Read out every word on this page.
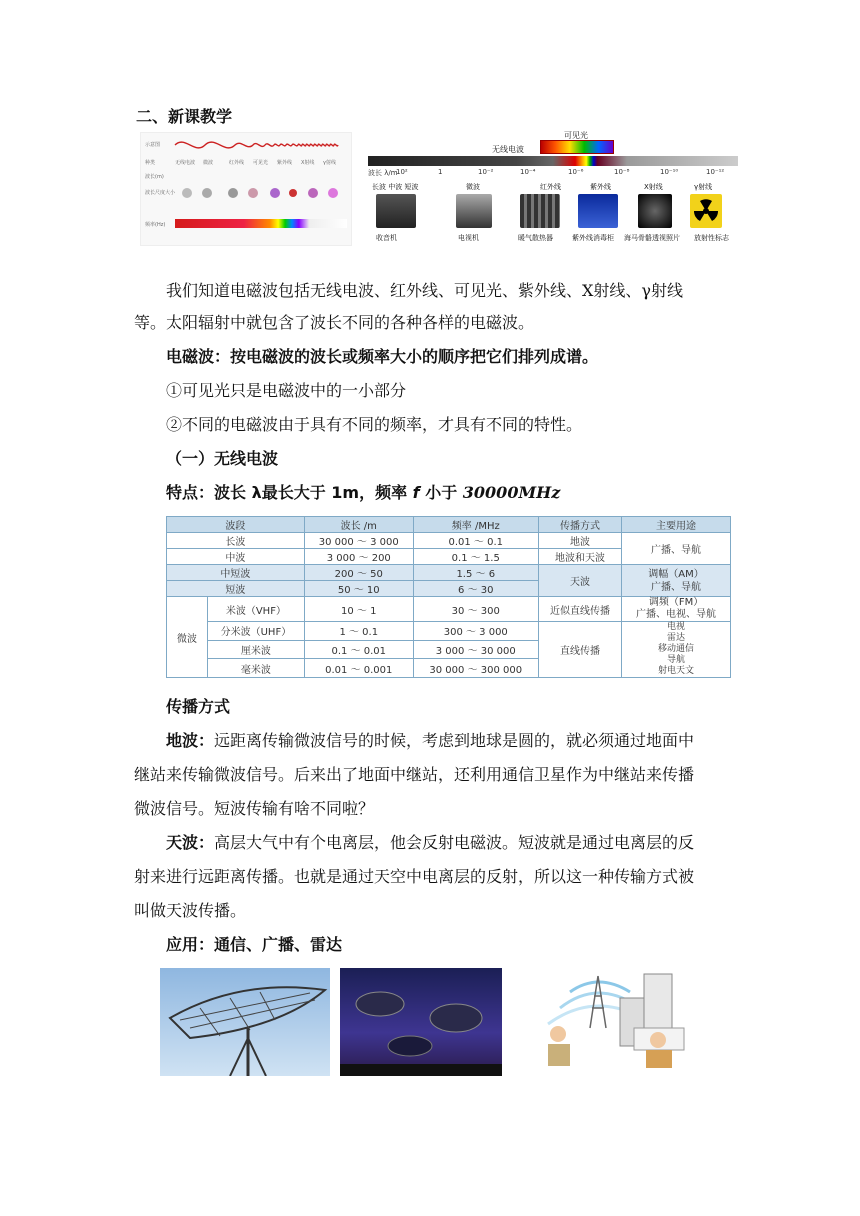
二、新课教学
示意图
种类
波长(m)
波长尺度大小
频率(Hz)
无线电波 微波	红外线 可见光 紫外线 X射线 γ射线
可见光
无线电波
波长 λ/m
10²	1	10⁻²	10⁻⁴	10⁻⁶	10⁻⁸	10⁻¹⁰	10⁻¹²
长波 中波 短波	微波	红外线	紫外线	X射线	γ射线
收音机	电视机	暖气散热器	紫外线消毒柜 海马骨骼透视照片 放射性标志
我们知道电磁波包括无线电波、红外线、可见光、紫外线、X射线、γ射线
等。太阳辐射中就包含了波长不同的各种各样的电磁波。
电磁波：按电磁波的波长或频率大小的顺序把它们排列成谱。
①可见光只是电磁波中的一小部分
②不同的电磁波由于具有不同的频率，才具有不同的特性。
（一）无线电波
特点：波长 λ最长大于 1m，频率 f 小于 30000MHz
波段		波长 /m	频率 /MHz	传播方式	主要用途
长波		30 000 ～ 3 000	0.01 ～ 0.1	地波	广播、导航
中波		3 000 ～ 200	0.1 ～ 1.5	地波和天波	
中短波		200 ～ 50	1.5 ～ 6	天波	调幅（AM）
广播、导航

短波		50 ～ 10	6 ～ 30		
微波	米波（VHF）	10 ～ 1	30 ～ 300	近似直线传播	调频（FM）
广播、电视、导航

	分米波（UHF）	1 ～ 0.1	300 ～ 3 000	直线传播	电视
雷达
移动通信
导航
射电天文

	厘米波	0.1 ～ 0.01	3 000 ～ 30 000		
	毫米波	0.01 ～ 0.001	30 000 ～ 300 000		
传播方式
地波：远距离传输微波信号的时候，考虑到地球是圆的，就必须通过地面中
继站来传输微波信号。后来出了地面中继站，还利用通信卫星作为中继站来传播
微波信号。短波传输有啥不同啦？
天波：高层大气中有个电离层，他会反射电磁波。短波就是通过电离层的反
射来进行远距离传播。也就是通过天空中电离层的反射，所以这一种传输方式被
叫做天波传播。
应用：通信、广播、雷达
